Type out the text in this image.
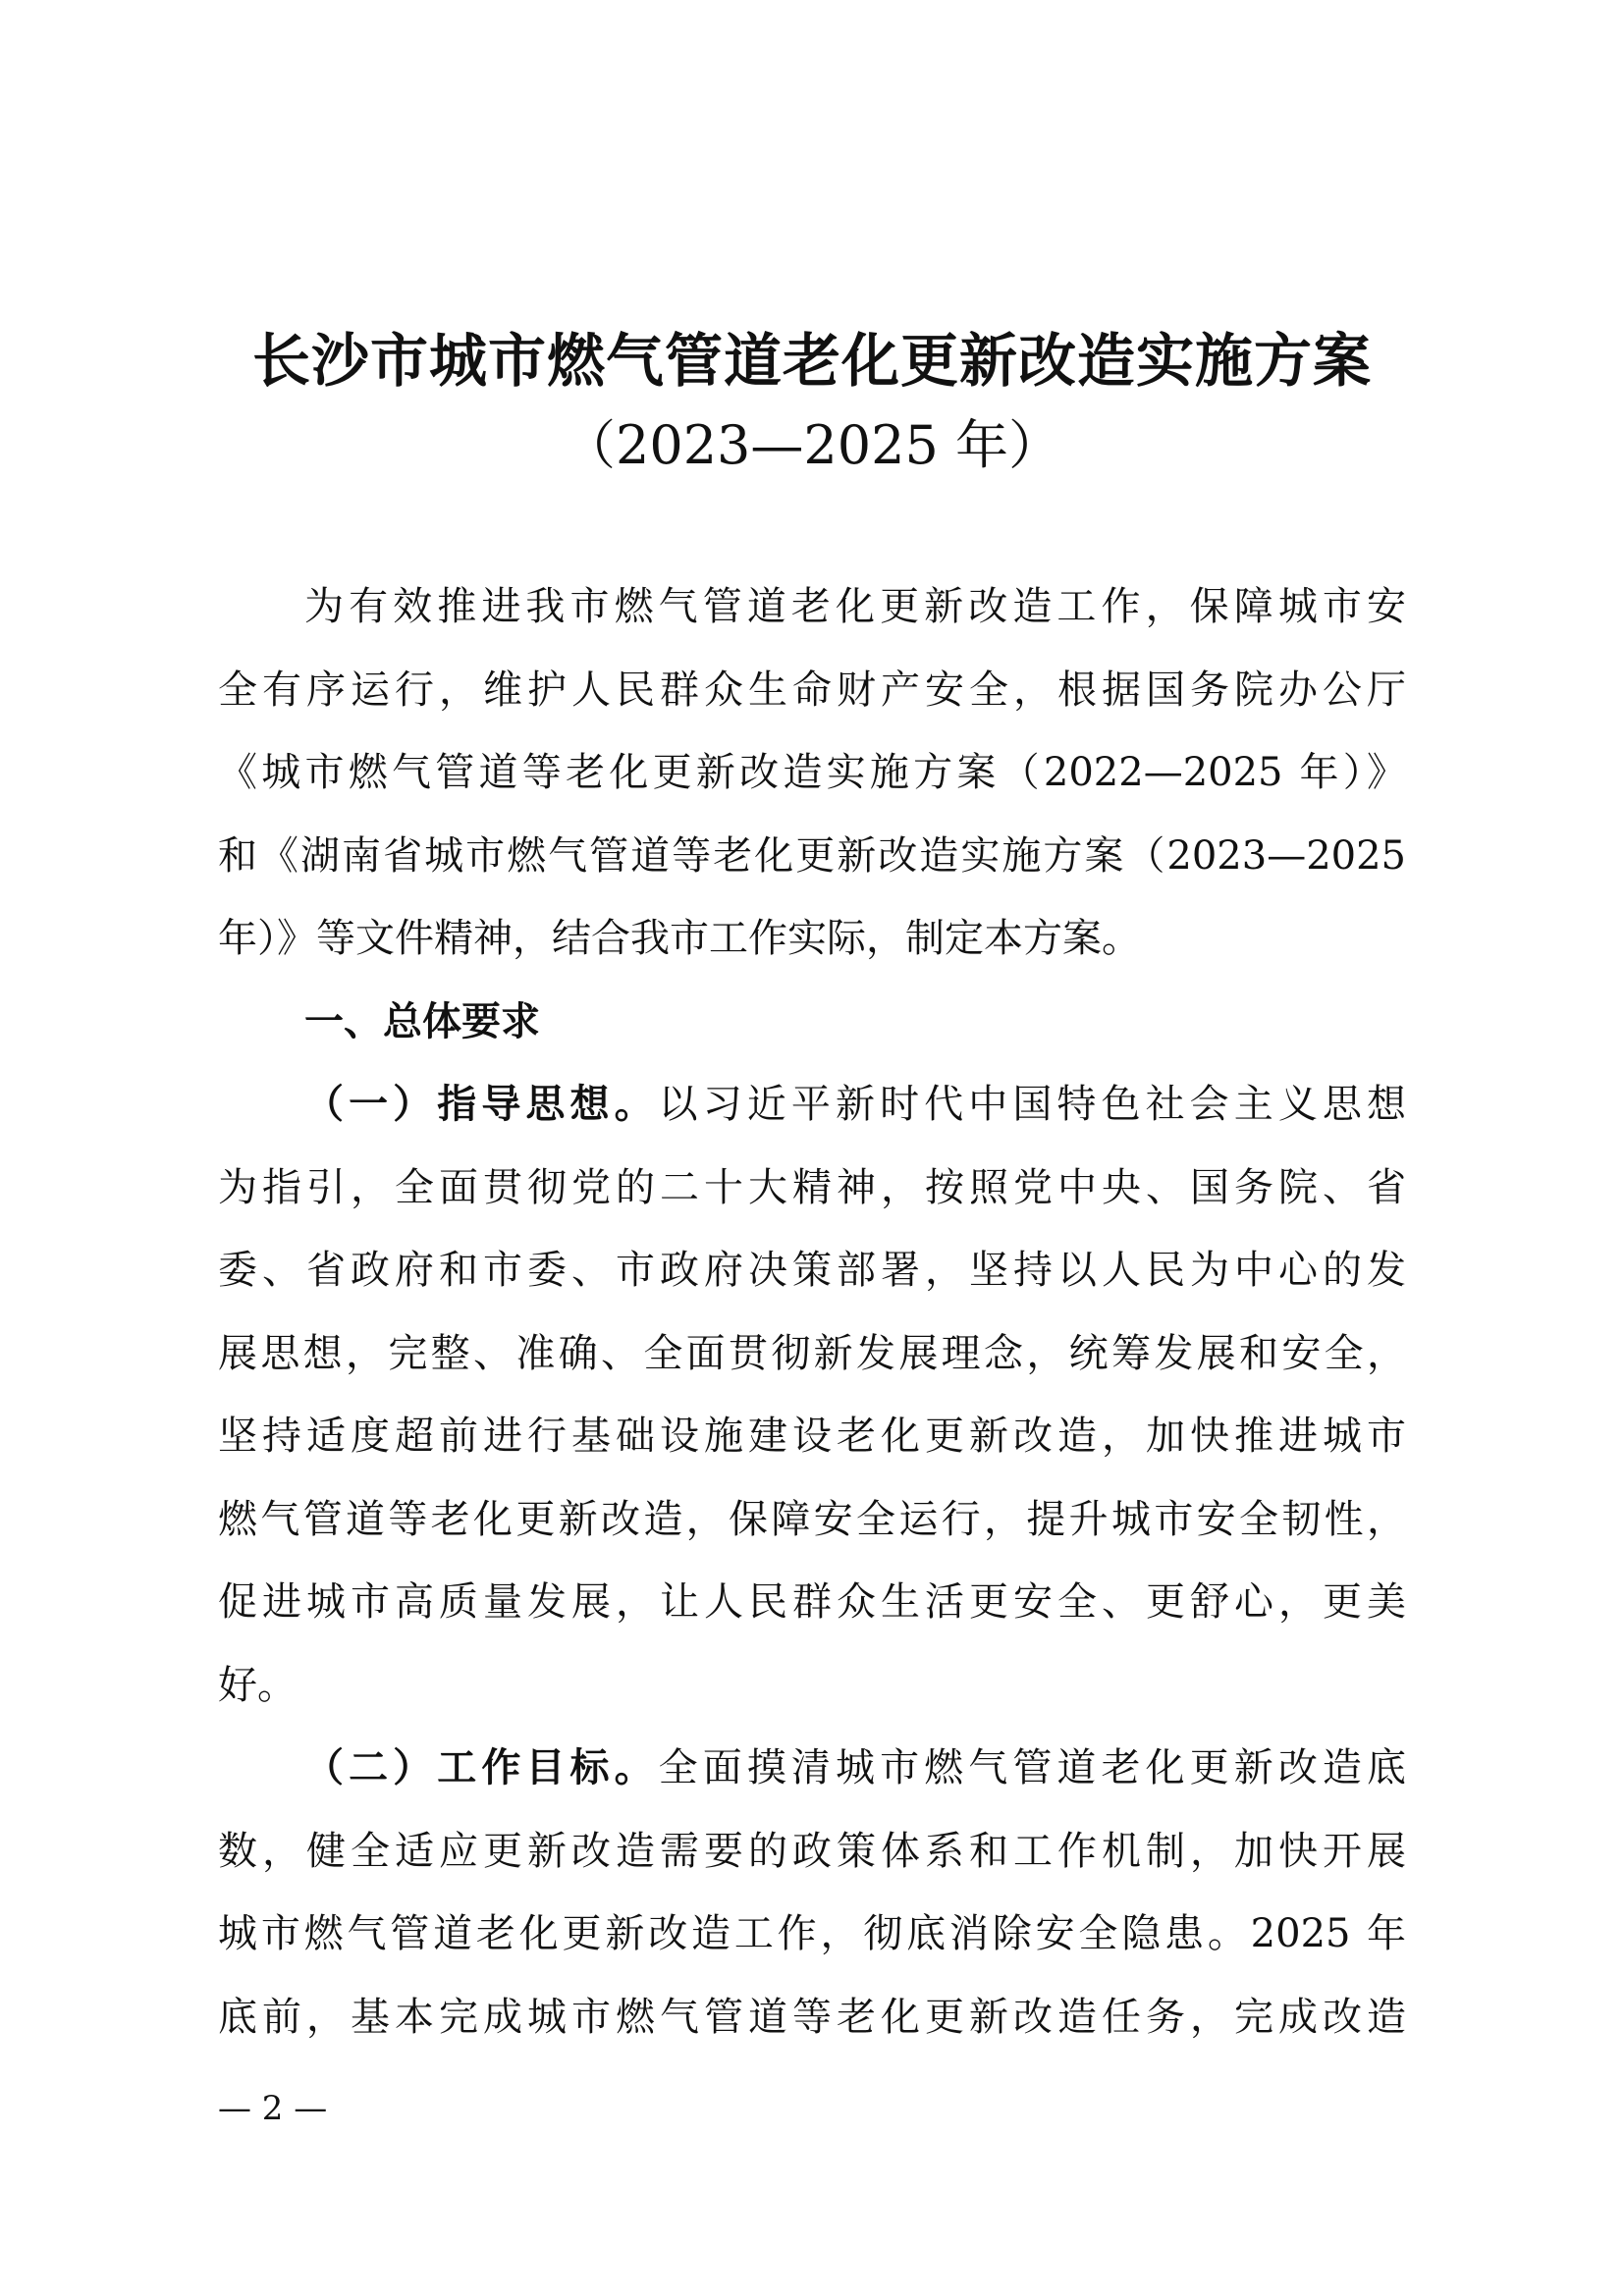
长沙市城市燃气管道老化更新改造实施方案
（2023—2025 年）
为有效推进我市燃气管道老化更新改造工作，保障城市安
全有序运行，维护人民群众生命财产安全，根据国务院办公厅
《城市燃气管道等老化更新改造实施方案（2022—2025 年）》
和《湖南省城市燃气管道等老化更新改造实施方案（2023—2025
年）》等文件精神，结合我市工作实际，制定本方案。
一、总体要求
（一）指导思想。以习近平新时代中国特色社会主义思想
为指引，全面贯彻党的二十大精神，按照党中央、国务院、省
委、省政府和市委、市政府决策部署，坚持以人民为中心的发
展思想，完整、准确、全面贯彻新发展理念，统筹发展和安全，
坚持适度超前进行基础设施建设老化更新改造，加快推进城市
燃气管道等老化更新改造，保障安全运行，提升城市安全韧性，
促进城市高质量发展，让人民群众生活更安全、更舒心，更美
好。
（二）工作目标。全面摸清城市燃气管道老化更新改造底
数，健全适应更新改造需要的政策体系和工作机制，加快开展
城市燃气管道老化更新改造工作，彻底消除安全隐患。2025 年
底前，基本完成城市燃气管道等老化更新改造任务，完成改造
— 2 —
